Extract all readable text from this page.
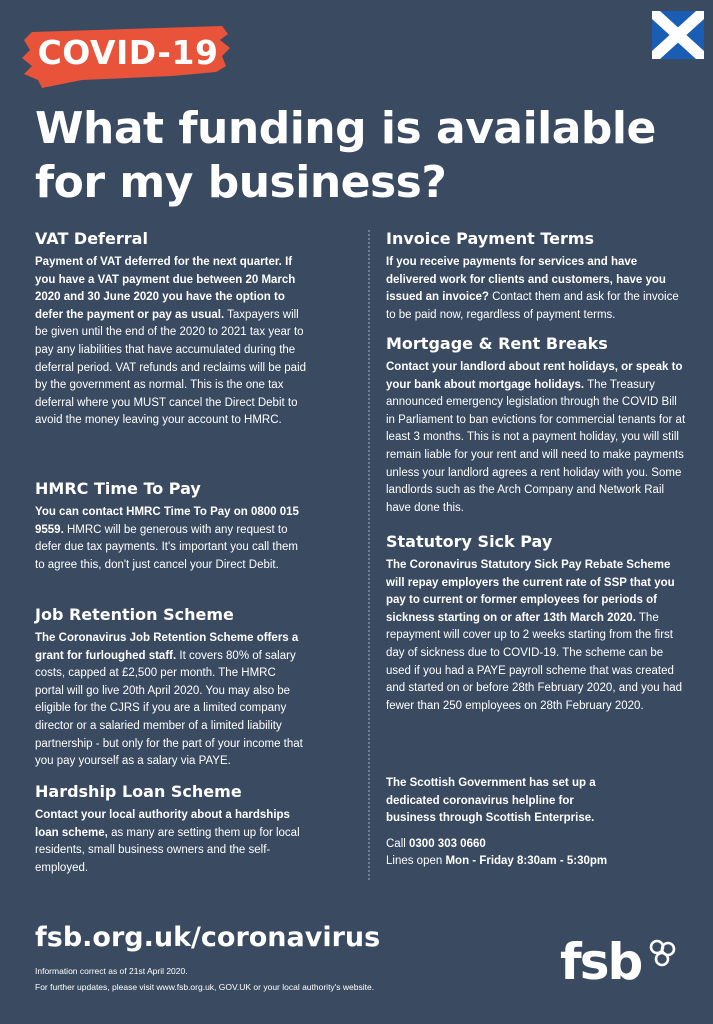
COVID-19
What funding is available
for my business?
VAT Deferral

Payment of VAT deferred for the next quarter. If you have a VAT payment due between 20 March 2020 and 30 June 2020 you have the option to defer the payment or pay as usual. Taxpayers will be given until the end of the 2020 to 2021 tax year to pay any liabilities that have accumulated during the deferral period. VAT refunds and reclaims will be paid by the government as normal. This is the one tax deferral where you MUST cancel the Direct Debit to avoid the money leaving your account to HMRC.

HMRC Time To Pay

You can contact HMRC Time To Pay on 0800 015 9559. HMRC will be generous with any request to defer due tax payments. It's important you call them to agree this, don't just cancel your Direct Debit.

Job Retention Scheme

The Coronavirus Job Retention Scheme offers a grant for furloughed staff. It covers 80% of salary costs, capped at £2,500 per month. The HMRC portal will go live 20th April 2020. You may also be eligible for the CJRS if you are a limited company director or a salaried member of a limited liability partnership - but only for the part of your income that you pay yourself as a salary via PAYE.

Hardship Loan Scheme

Contact your local authority about a hardships loan scheme, as many are setting them up for local residents, small business owners and the self-employed.

Invoice Payment Terms

If you receive payments for services and have delivered work for clients and customers, have you issued an invoice? Contact them and ask for the invoice to be paid now, regardless of payment terms.

Mortgage & Rent Breaks

Contact your landlord about rent holidays, or speak to your bank about mortgage holidays. The Treasury announced emergency legislation through the COVID Bill in Parliament to ban evictions for commercial tenants for at least 3 months. This is not a payment holiday, you will still remain liable for your rent and will need to make payments unless your landlord agrees a rent holiday with you. Some landlords such as the Arch Company and Network Rail have done this.

Statutory Sick Pay

The Coronavirus Statutory Sick Pay Rebate Scheme will repay employers the current rate of SSP that you pay to current or former employees for periods of sickness starting on or after 13th March 2020. The repayment will cover up to 2 weeks starting from the first day of sickness due to COVID-19. The scheme can be used if you had a PAYE payroll scheme that was created and started on or before 28th February 2020, and you had fewer than 250 employees on 28th February 2020.

The Scottish Government has set up a dedicated coronavirus helpline for business through Scottish Enterprise.

Call 0300 303 0660

Lines open Mon - Friday 8:30am - 5:30pm

fsb.org.uk/coronavirus
Information correct as of 21st April 2020.
For further updates, please visit www.fsb.org.uk, GOV.UK or your local authority's website.	fsb
